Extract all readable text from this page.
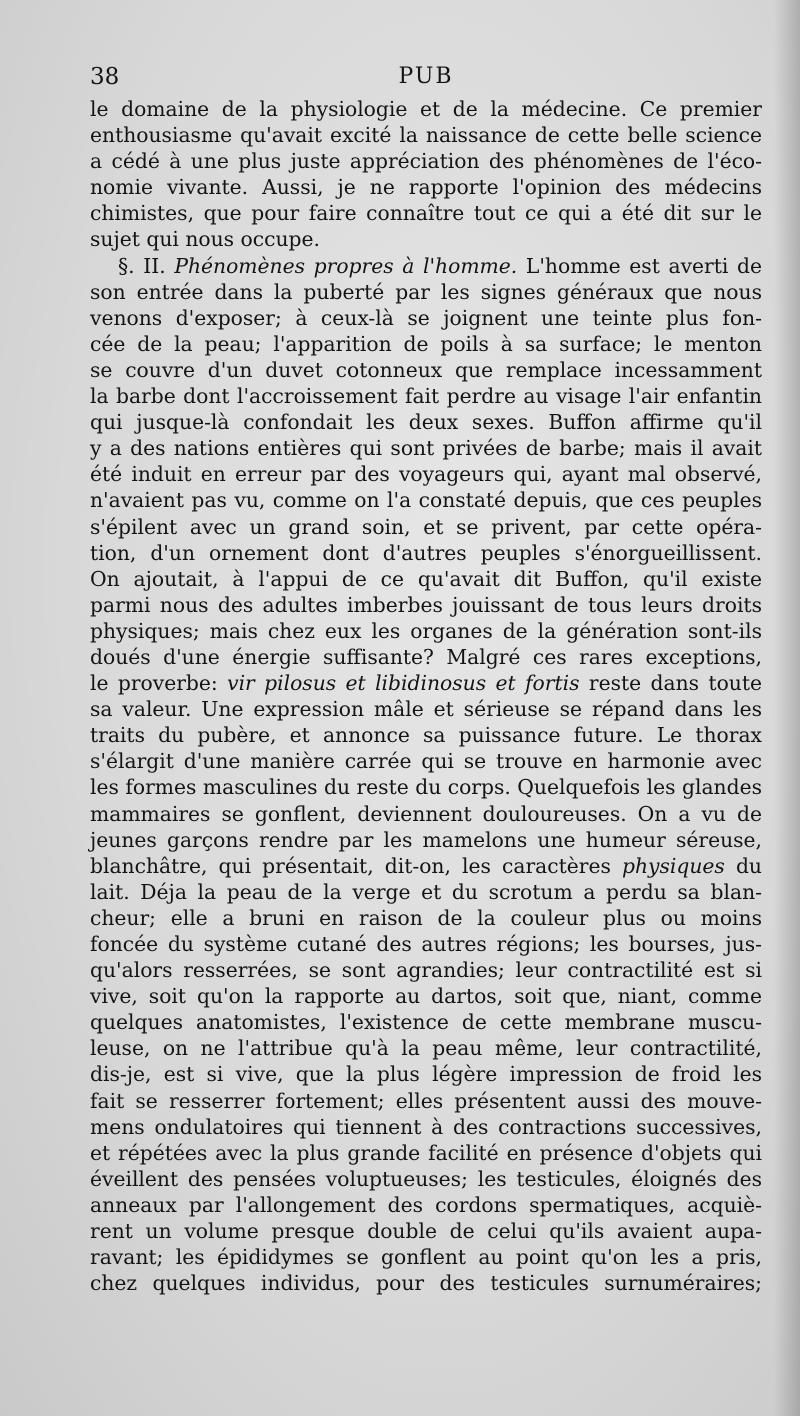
38	PUB
le domaine de la physiologie et de la médecine. Ce premier
enthousiasme qu'avait excité la naissance de cette belle science
a cédé à une plus juste appréciation des phénomènes de l'éco-
nomie vivante. Aussi, je ne rapporte l'opinion des médecins
chimistes, que pour faire connaître tout ce qui a été dit sur le
sujet qui nous occupe.
§. II. Phénomènes propres à l'homme. L'homme est averti de
son entrée dans la puberté par les signes généraux que nous
venons d'exposer; à ceux-là se joignent une teinte plus fon-
cée de la peau; l'apparition de poils à sa surface; le menton
se couvre d'un duvet cotonneux que remplace incessamment
la barbe dont l'accroissement fait perdre au visage l'air enfantin
qui jusque-là confondait les deux sexes. Buffon affirme qu'il
y a des nations entières qui sont privées de barbe; mais il avait
été induit en erreur par des voyageurs qui, ayant mal observé,
n'avaient pas vu, comme on l'a constaté depuis, que ces peuples
s'épilent avec un grand soin, et se privent, par cette opéra-
tion, d'un ornement dont d'autres peuples s'énorgueillissent.
On ajoutait, à l'appui de ce qu'avait dit Buffon, qu'il existe
parmi nous des adultes imberbes jouissant de tous leurs droits
physiques; mais chez eux les organes de la génération sont-ils
doués d'une énergie suffisante? Malgré ces rares exceptions,
le proverbe: vir pilosus et libidinosus et fortis reste dans toute
sa valeur. Une expression mâle et sérieuse se répand dans les
traits du pubère, et annonce sa puissance future. Le thorax
s'élargit d'une manière carrée qui se trouve en harmonie avec
les formes masculines du reste du corps. Quelquefois les glandes
mammaires se gonflent, deviennent douloureuses. On a vu de
jeunes garçons rendre par les mamelons une humeur séreuse,
blanchâtre, qui présentait, dit-on, les caractères physiques du
lait. Déja la peau de la verge et du scrotum a perdu sa blan-
cheur; elle a bruni en raison de la couleur plus ou moins
foncée du système cutané des autres régions; les bourses, jus-
qu'alors resserrées, se sont agrandies; leur contractilité est si
vive, soit qu'on la rapporte au dartos, soit que, niant, comme
quelques anatomistes, l'existence de cette membrane muscu-
leuse, on ne l'attribue qu'à la peau même, leur contractilité,
dis-je, est si vive, que la plus légère impression de froid les
fait se resserrer fortement; elles présentent aussi des mouve-
mens ondulatoires qui tiennent à des contractions successives,
et répétées avec la plus grande facilité en présence d'objets qui
éveillent des pensées voluptueuses; les testicules, éloignés des
anneaux par l'allongement des cordons spermatiques, acquiè-
rent un volume presque double de celui qu'ils avaient aupa-
ravant; les épididymes se gonflent au point qu'on les a pris,
chez quelques individus, pour des testicules surnuméraires;
